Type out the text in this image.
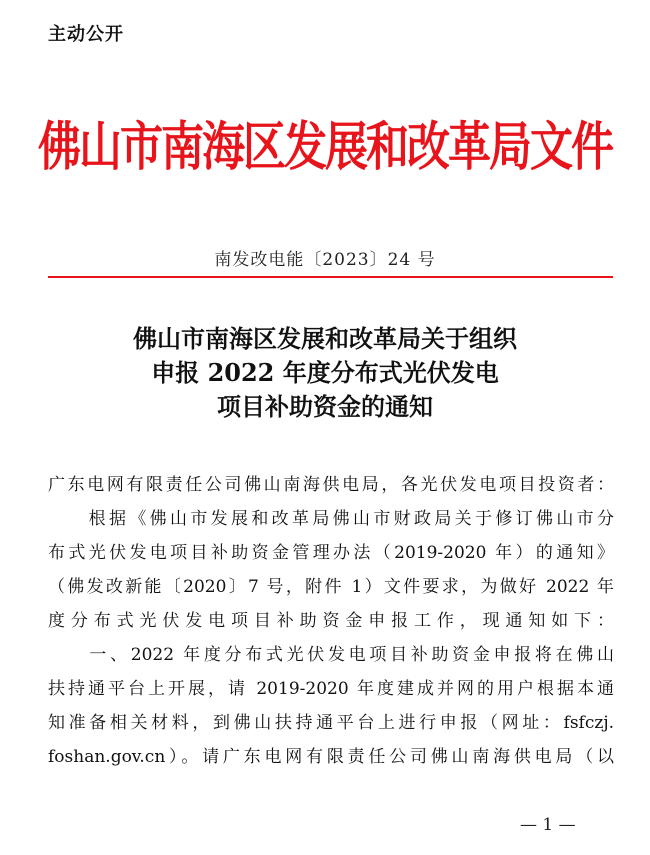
主动公开
佛山市南海区发展和改革局文件
南发改电能〔2023〕24 号
佛山市南海区发展和改革局关于组织
申报 2022 年度分布式光伏发电
项目补助资金的通知
广东电网有限责任公司佛山南海供电局，各光伏发电项目投资者：
　　根据《佛山市发展和改革局佛山市财政局关于修订佛山市分
布式光伏发电项目补助资金管理办法（2019-2020 年）的通知》
（佛发改新能〔2020〕7 号，附件 1）文件要求，为做好 2022 年
度分布式光伏发电项目补助资金申报工作，现通知如下：
　　一、2022 年度分布式光伏发电项目补助资金申报将在佛山
扶持通平台上开展，请 2019-2020 年度建成并网的用户根据本通
知准备相关材料，到佛山扶持通平台上进行申报（网址：fsfczj.
foshan.gov.cn）。请广东电网有限责任公司佛山南海供电局（以
— 1 —
